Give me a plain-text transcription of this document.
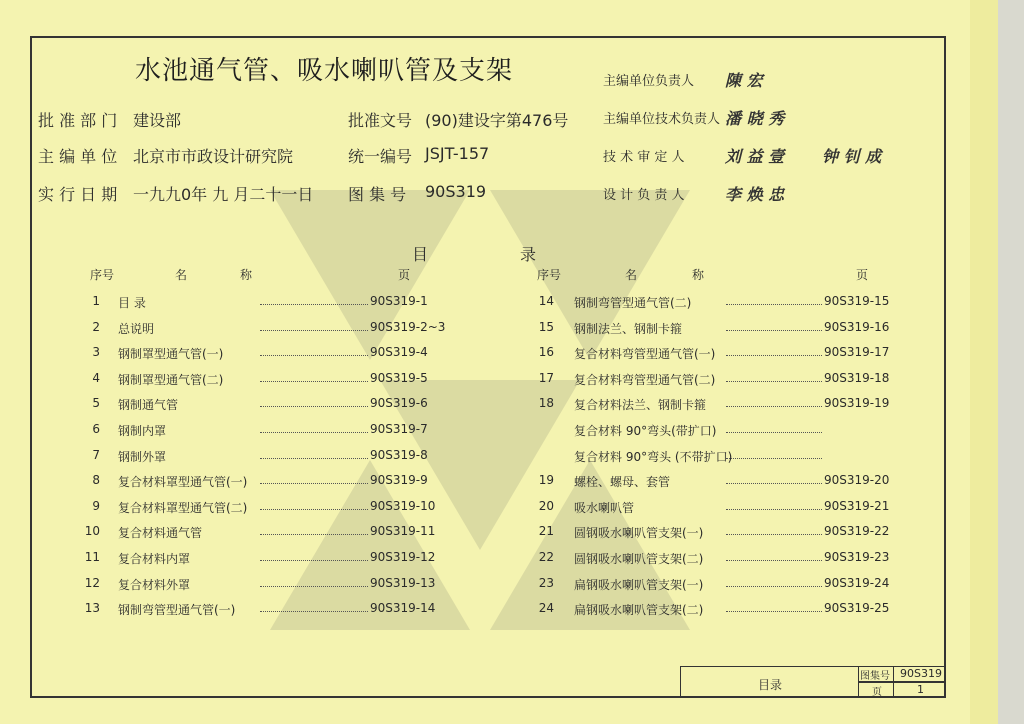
水池通气管、吸水喇叭管及支架
批 准 部 门 建设部
主 编 单 位 北京市市政设计研究院
实 行 日 期 一九九0年 九 月二十一日
批准文号 (90)建设字第476号
统一编号 JSJT-157
图 集 号 90S319
主编单位负责人 陳 宏
主编单位技术负责人 潘 晓 秀
技 术 审 定 人	刘 益 壹 钟 钊 成
设 计 负 责 人	李 焕 忠
目	录
序号	名	称	页	序号	名	称	页
1 目 录	90S319-1
2 总说明	90S319-2~3
3 钢制罩型通气管(一)	90S319-4
4 钢制罩型通气管(二)	90S319-5
5 钢制通气管	90S319-6
6 钢制内罩	90S319-7
7 钢制外罩	90S319-8
8 复合材料罩型通气管(一)	90S319-9
9 复合材料罩型通气管(二)	90S319-10
10 复合材料通气管	90S319-11
11 复合材料内罩	90S319-12
12 复合材料外罩	90S319-13
13 钢制弯管型通气管(一)	90S319-14
14 钢制弯管型通气管(二)	90S319-15
15 钢制法兰、钢制卡箍	90S319-16
16 复合材料弯管型通气管(一)	90S319-17
17 复合材料弯管型通气管(二)	90S319-18
18 复合材料法兰、钢制卡箍	90S319-19
复合材料 90°弯头(带扩口)
复合材料 90°弯头 (不带扩口)
19 螺栓、螺母、套管	90S319-20
20 吸水喇叭管	90S319-21
21 圆钢吸水喇叭管支架(一)	90S319-22
22 圆钢吸水喇叭管支架(二)	90S319-23
23 扁钢吸水喇叭管支架(一)	90S319-24
24 扁钢吸水喇叭管支架(二)	90S319-25
目录
图集号 90S319
页	1
